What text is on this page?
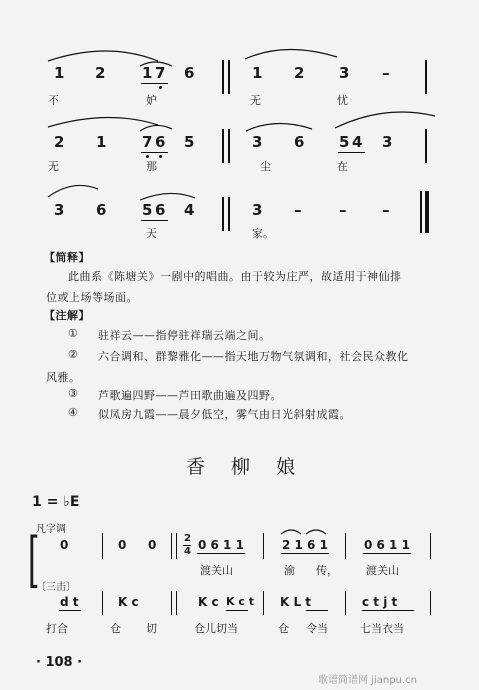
1 2 1 7 6	1 2 3 –
不	妒	无	忧
2 1 7 6 5	3 6 5 4 3
无	那	尘	在
3 6 5 6 4	3 –	– –
天	家。
【简释】
此曲系《陈塘关》一剧中的唱曲。由于较为庄严，故适用于神仙排
位或上场等场面。
【注解】
① 驻祥云——指停驻祥瑞云端之间。
② 六合调和、群黎雅化——指天地万物气氛调和，社会民众教化
风雅。
③ 芦歌遍四野——芦田歌曲遍及四野。
④ 似凤房九霞——晨夕低空，雾气由日光斜射成霞。
香 柳 娘
1 = ♭E
凡字调
[	2
4
0	0 0	0 6 1 1	2 1 6 1	0 6 1 1
渡关山	渝 传，	渡关山
〔三击〕
d t	K c	K c K c t K L t	c t j t
打合	仓 切	仓儿切当	仓 令当	七当衣当
· 108 ·
歌谱简谱网 jianpu.cn
